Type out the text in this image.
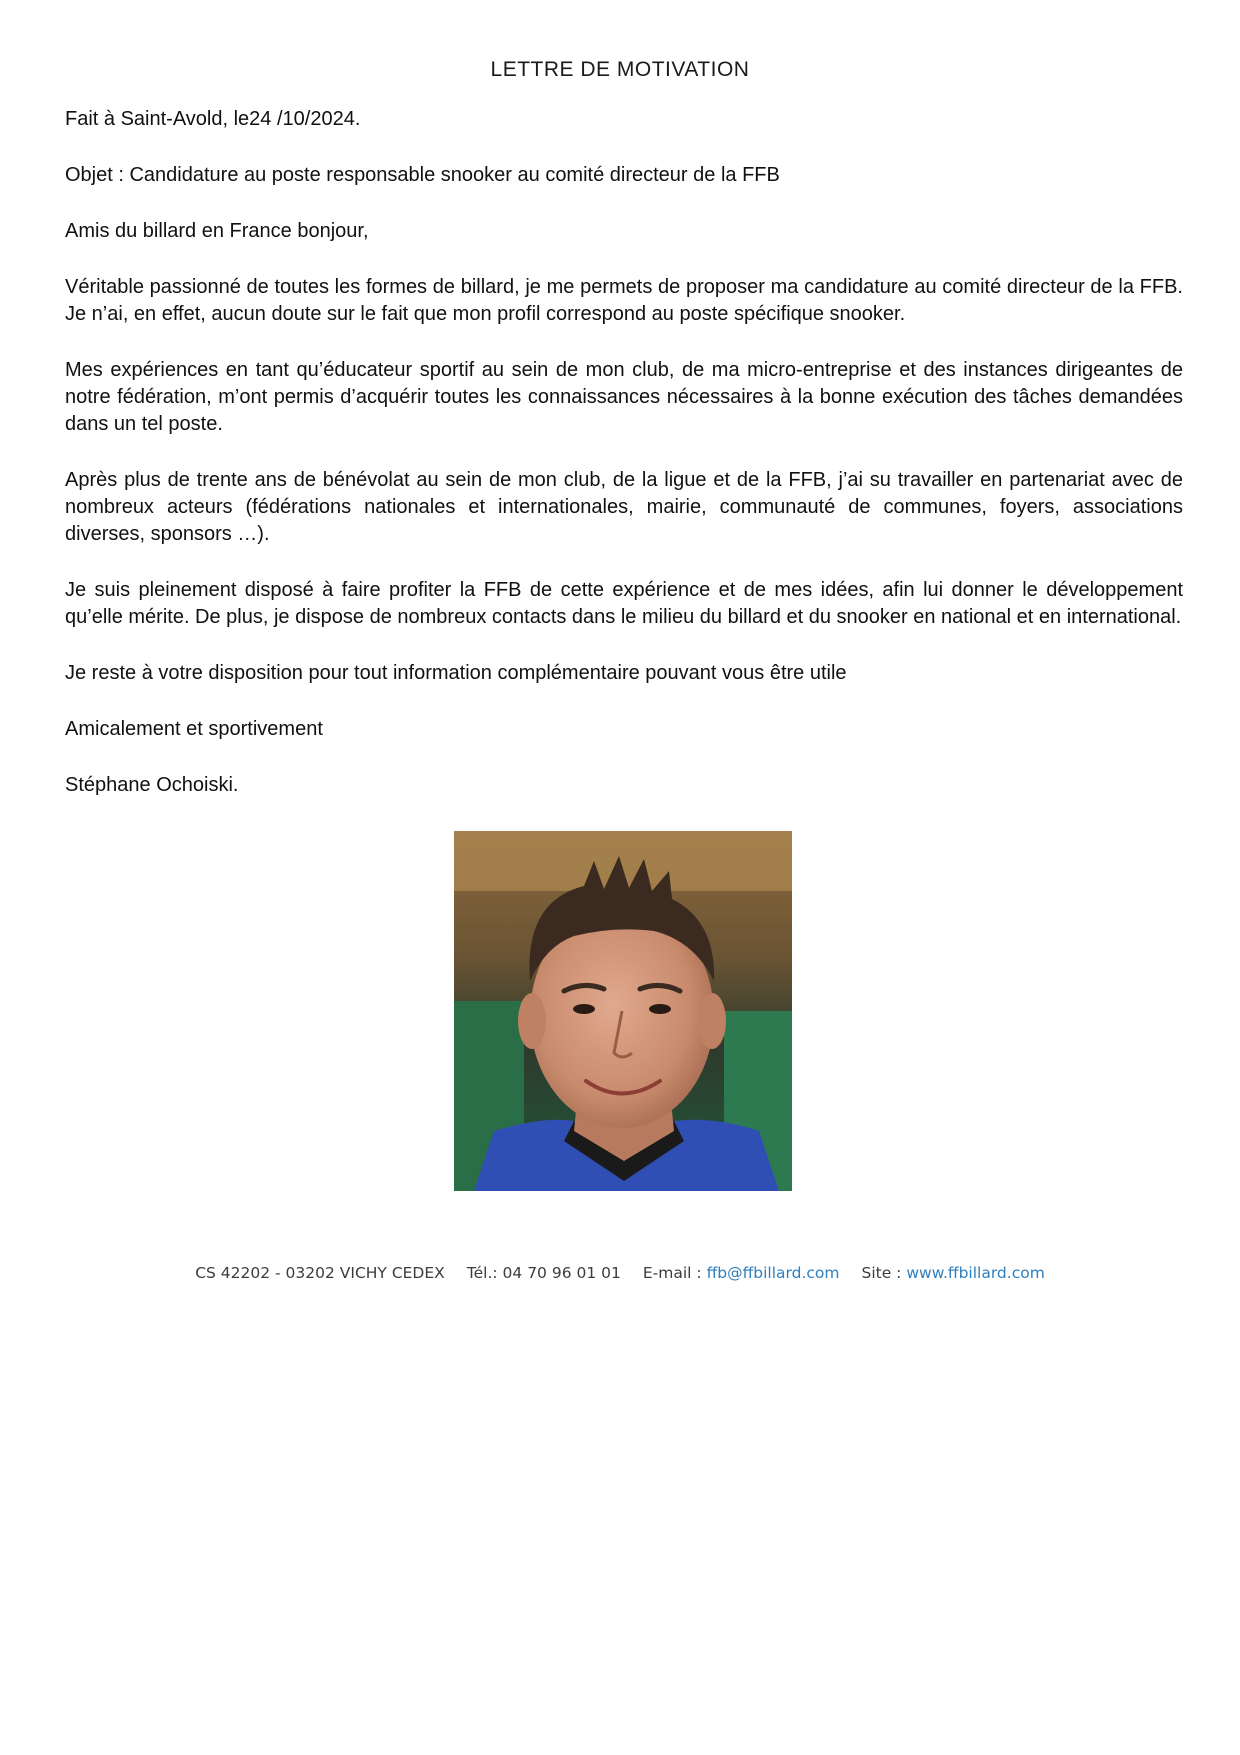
LETTRE DE MOTIVATION

Fait à Saint-Avold, le24 /10/2024.

Objet : Candidature au poste responsable snooker au comité directeur de la FFB

Amis du billard en France bonjour,

Véritable passionné de toutes les formes de billard, je me permets de proposer ma candidature au comité directeur de la FFB. Je n’ai, en effet, aucun doute sur le fait que mon profil correspond au poste spécifique snooker.

Mes expériences en tant qu’éducateur sportif au sein de mon club, de ma micro-entreprise et des instances dirigeantes de notre fédération, m’ont permis d’acquérir toutes les connaissances nécessaires à la bonne exécution des tâches demandées dans un tel poste.

Après plus de trente ans de bénévolat au sein de mon club, de la ligue et de la FFB, j’ai su travailler en partenariat avec de nombreux acteurs (fédérations nationales et internationales, mairie, communauté de communes, foyers, associations diverses, sponsors …).

Je suis pleinement disposé à faire profiter la FFB de cette expérience et de mes idées, afin lui donner le développement qu’elle mérite. De plus, je dispose de nombreux contacts dans le milieu du billard et du snooker en national et en international.

Je reste à votre disposition pour tout information complémentaire pouvant vous être utile

Amicalement et sportivement

Stéphane Ochoiski.

CS 42202 - 03202 VICHY CEDEX Tél.: 04 70 96 01 01 E-mail : ffb@ffbillard.com Site : www.ffbillard.com
